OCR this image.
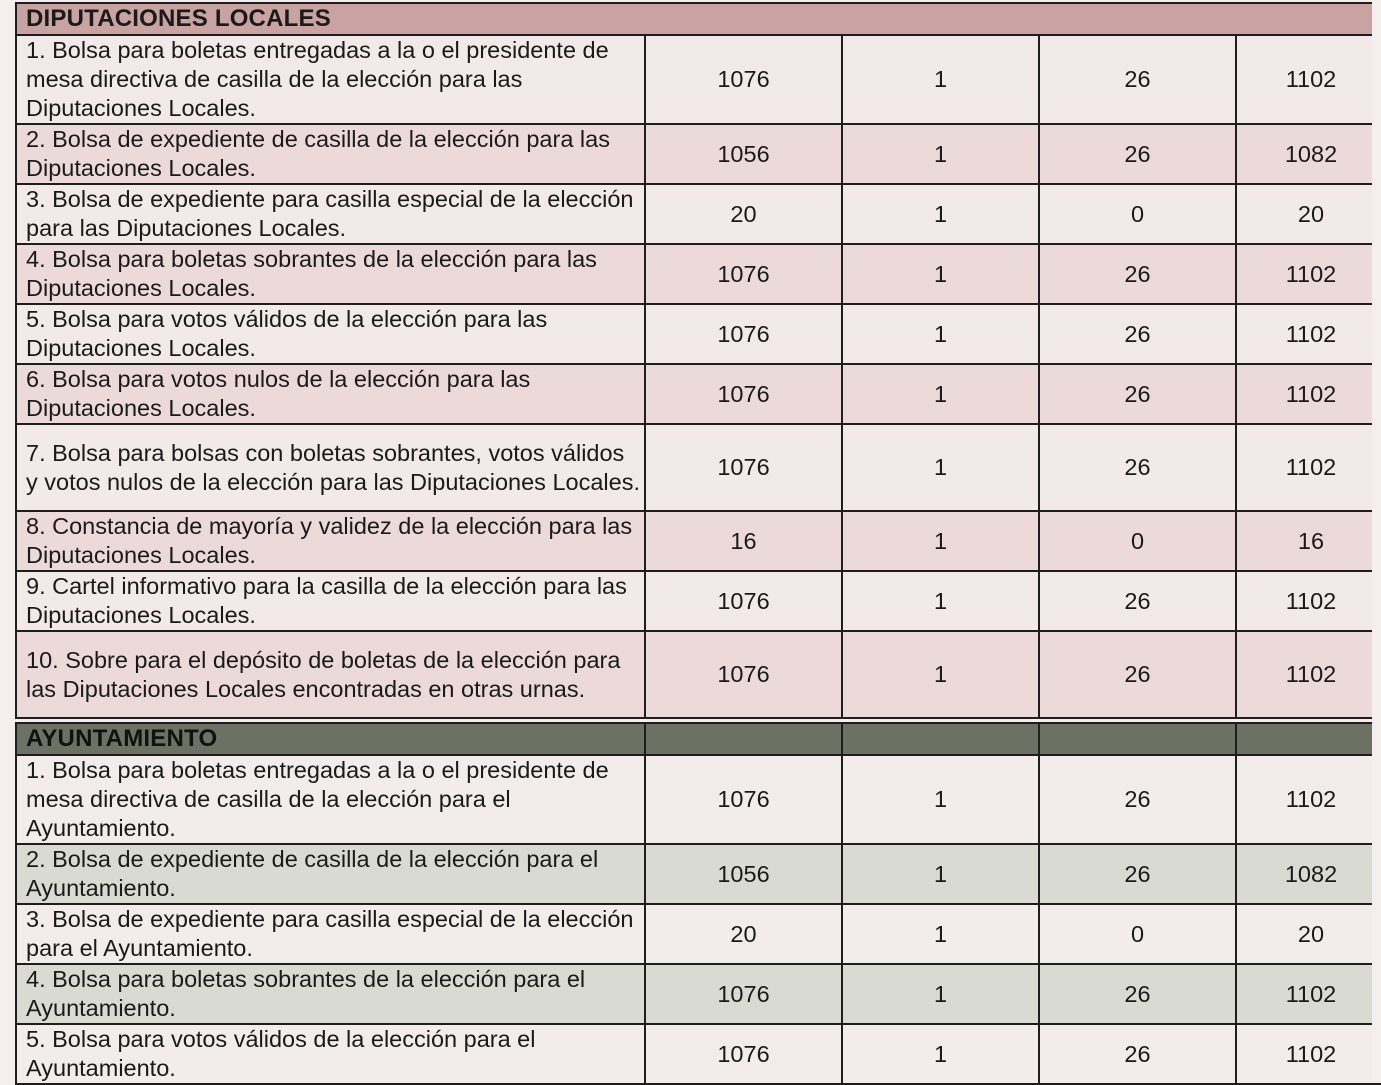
DIPUTACIONES LOCALES				
1. Bolsa para boletas entregadas a la o el presidente de mesa directiva de casilla de la elección para las Diputaciones Locales.	1076	1	26	1102
2. Bolsa de expediente de casilla de la elección para las Diputaciones Locales.	1056	1	26	1082
3. Bolsa de expediente para casilla especial de la elección para las Diputaciones Locales.	20	1	0	20
4. Bolsa para boletas sobrantes de la elección para las Diputaciones Locales.	1076	1	26	1102
5. Bolsa para votos válidos de la elección para las Diputaciones Locales.	1076	1	26	1102
6. Bolsa para votos nulos de la elección para las Diputaciones Locales.	1076	1	26	1102
7. Bolsa para bolsas con boletas sobrantes, votos válidos y votos nulos de la elección para las Diputaciones Locales.	1076	1	26	1102
8. Constancia de mayoría y validez de la elección para las Diputaciones Locales.	16	1	0	16
9. Cartel informativo para la casilla de la elección para las Diputaciones Locales.	1076	1	26	1102
10. Sobre para el depósito de boletas de la elección para las Diputaciones Locales encontradas en otras urnas.	1076	1	26	1102

AYUNTAMIENTO				
1. Bolsa para boletas entregadas a la o el presidente de mesa directiva de casilla de la elección para el Ayuntamiento.	1076	1	26	1102
2. Bolsa de expediente de casilla de la elección para el Ayuntamiento.	1056	1	26	1082
3. Bolsa de expediente para casilla especial de la elección para el Ayuntamiento.	20	1	0	20
4. Bolsa para boletas sobrantes de la elección para el Ayuntamiento.	1076	1	26	1102
5. Bolsa para votos válidos de la elección para el Ayuntamiento.	1076	1	26	1102
